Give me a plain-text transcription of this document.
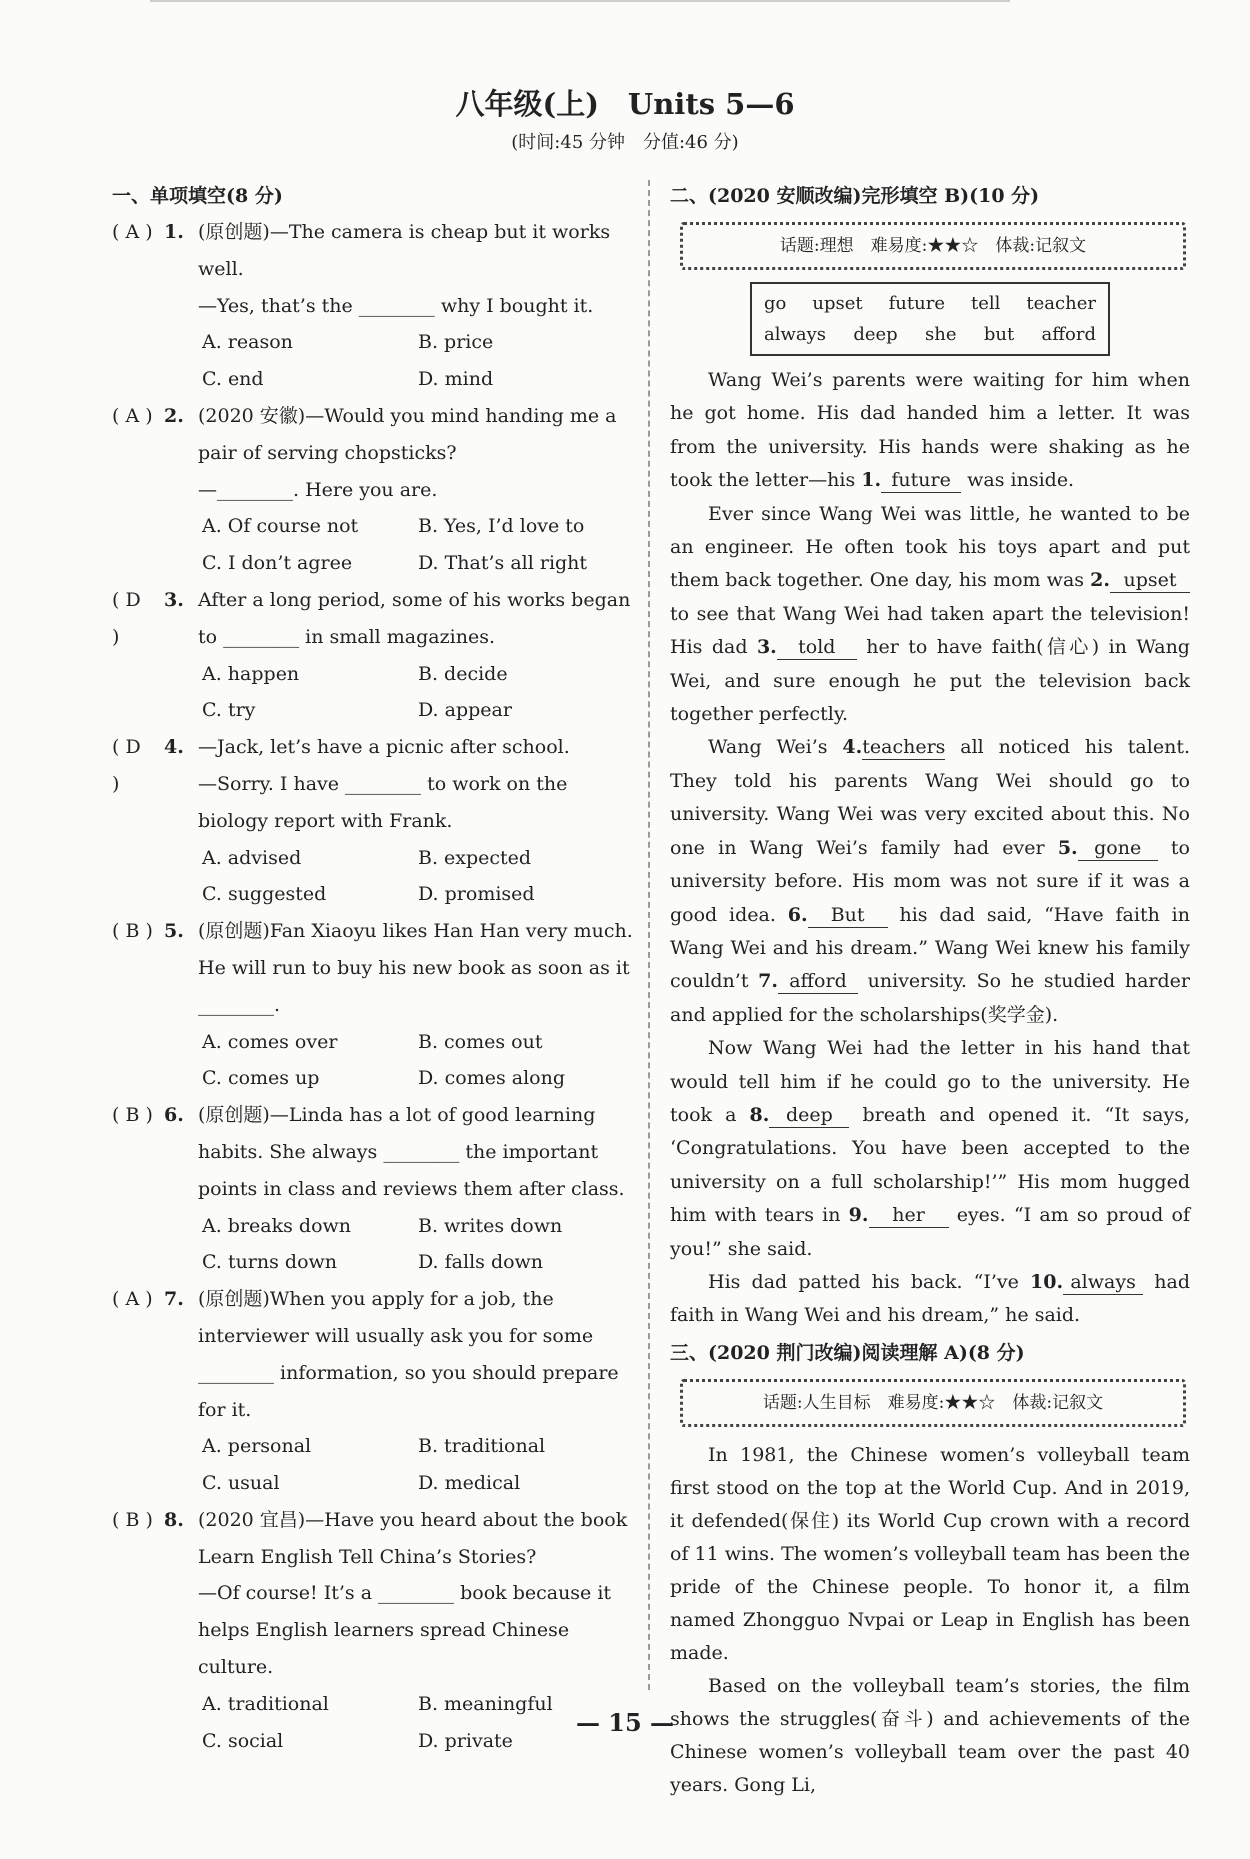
八年级(上)　Units 5—6
(时间:45 分钟　分值:46 分)
一、单项填空(8 分)
( A ) 1. (原创题)—The camera is cheap but it works well.
—Yes, that’s the ________ why I bought it.
A. reason	B. price
C. end	D. mind
( A ) 2. (2020 安徽)—Would you mind handing me a pair of serving chopsticks?
—________. Here you are.
A. Of course not	B. Yes, I’d love to
C. I don’t agree	D. That’s all right
( D )
3. After a long period, some of his works began to ________ in small magazines.
A. happen	B. decide
C. try	D. appear
( D )
4. —Jack, let’s have a picnic after school.
—Sorry. I have ________ to work on the biology report with Frank.
A. advised	B. expected
C. suggested	D. promised
( B ) 5. (原创题)Fan Xiaoyu likes Han Han very much. He will run to buy his new book as soon as it ________.
A. comes over	B. comes out
C. comes up	D. comes along
( B ) 6. (原创题)—Linda has a lot of good learning habits. She always ________ the important points in class and reviews them after class.
A. breaks down	B. writes down
C. turns down	D. falls down
( A ) 7. (原创题)When you apply for a job, the interviewer will usually ask you for some ________ information, so you should prepare for it.
A. personal	B. traditional
C. usual	D. medical
( B ) 8. (2020 宜昌)—Have you heard about the book Learn English Tell China’s Stories?
—Of course! It’s a ________ book because it helps English learners spread Chinese culture.
A. traditional	B. meaningful
C. social	D. private
二、(2020 安顺改编)完形填空 B)(10 分)
话题:理想　难易度:★★☆　体裁:记叙文
go upset future tell teacher
always deep she but afford

Wang Wei’s parents were waiting for him when he got home. His dad handed him a letter. It was from the university. His hands were shaking as he took the letter—his 1. future was inside.

Ever since Wang Wei was little, he wanted to be an engineer. He often took his toys apart and put them back together. One day, his mom was 2. upset to see that Wang Wei had taken apart the television! His dad 3. told her to have faith(信心) in Wang Wei, and sure enough he put the television back together perfectly.

Wang Wei’s 4.teachers all noticed his talent. They told his parents Wang Wei should go to university. Wang Wei was very excited about this. No one in Wang Wei’s family had ever 5. gone to university before. His mom was not sure if it was a good idea. 6. But his dad said, “Have faith in Wang Wei and his dream.” Wang Wei knew his family couldn’t 7. afford university. So he studied harder and applied for the scholarships(奖学金).

Now Wang Wei had the letter in his hand that would tell him if he could go to the university. He took a 8. deep breath and opened it. “It says, ‘Congratulations. You have been accepted to the university on a full scholarship!’” His mom hugged him with tears in 9. her eyes. “I am so proud of you!” she said.

His dad patted his back. “I’ve 10. always had faith in Wang Wei and his dream,” he said.

三、(2020 荆门改编)阅读理解 A)(8 分)
话题:人生目标　难易度:★★☆　体裁:记叙文

In 1981, the Chinese women’s volleyball team first stood on the top at the World Cup. And in 2019, it defended(保住) its World Cup crown with a record of 11 wins. The women’s volleyball team has been the pride of the Chinese people. To honor it, a film named Zhongguo Nvpai or Leap in English has been made.

Based on the volleyball team’s stories, the film shows the struggles(奋斗) and achievements of the Chinese women’s volleyball team over the past 40 years. Gong Li,

— 15 —
